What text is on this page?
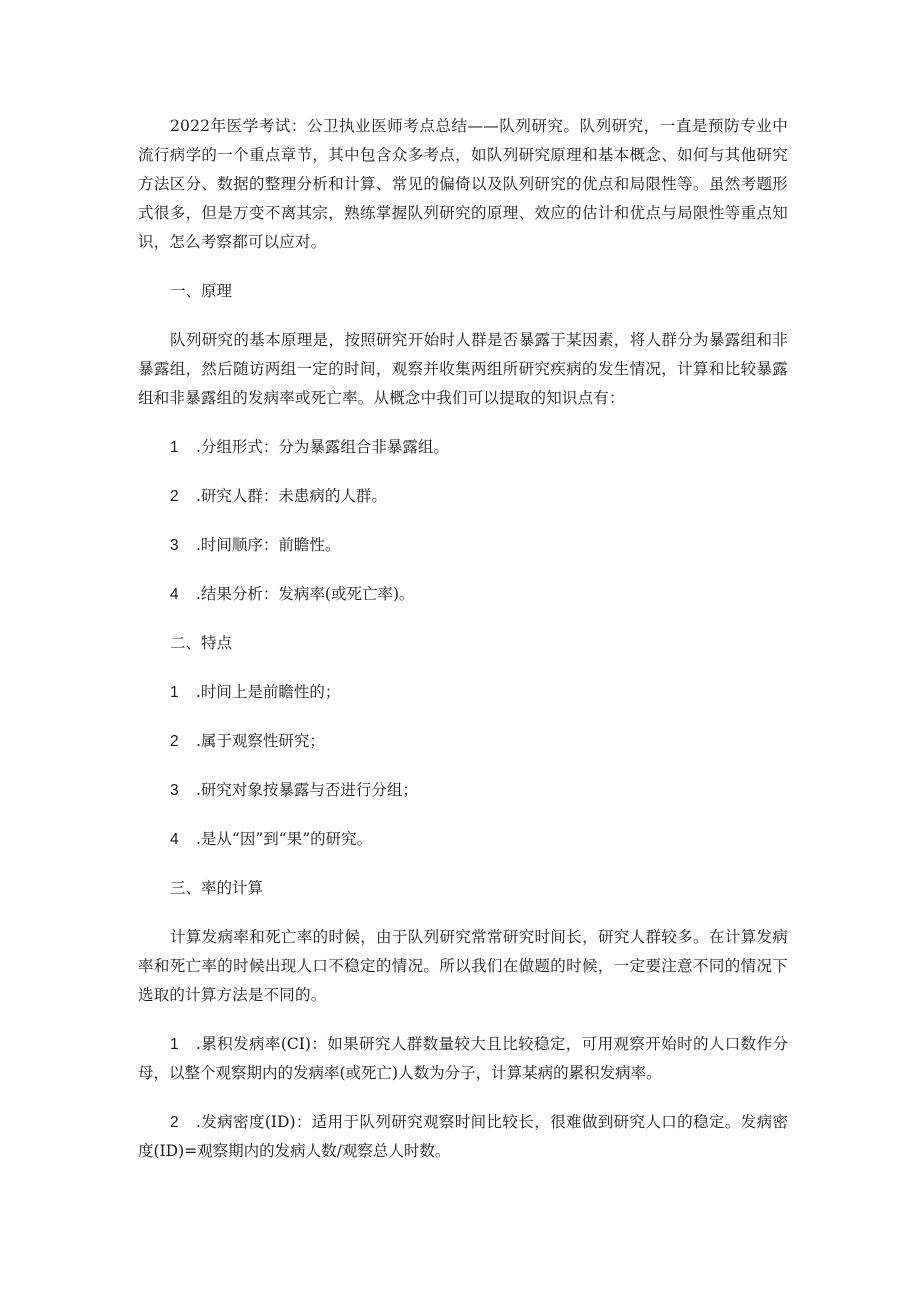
2022年医学考试：公卫执业医师考点总结——队列研究。队列研究，一直是预防专业中流行病学的一个重点章节，其中包含众多考点，如队列研究原理和基本概念、如何与其他研究方法区分、数据的整理分析和计算、常见的偏倚以及队列研究的优点和局限性等。虽然考题形式很多，但是万变不离其宗，熟练掌握队列研究的原理、效应的估计和优点与局限性等重点知识，怎么考察都可以应对。

一、原理

队列研究的基本原理是，按照研究开始时人群是否暴露于某因素，将人群分为暴露组和非暴露组，然后随访两组一定的时间，观察并收集两组所研究疾病的发生情况，计算和比较暴露组和非暴露组的发病率或死亡率。从概念中我们可以提取的知识点有：

1 .分组形式：分为暴露组合非暴露组。

2 .研究人群：未患病的人群。

3 .时间顺序：前瞻性。

4 .结果分析：发病率(或死亡率)。

二、特点

1 .时间上是前瞻性的；

2 .属于观察性研究；

3 .研究对象按暴露与否进行分组；

4 .是从“因”到“果”的研究。

三、率的计算

计算发病率和死亡率的时候，由于队列研究常常研究时间长，研究人群较多。在计算发病率和死亡率的时候出现人口不稳定的情况。所以我们在做题的时候，一定要注意不同的情况下选取的计算方法是不同的。

1 .累积发病率(CI)：如果研究人群数量较大且比较稳定，可用观察开始时的人口数作分母，以整个观察期内的发病率(或死亡)人数为分子，计算某病的累积发病率。

2 .发病密度(ID)：适用于队列研究观察时间比较长，很难做到研究人口的稳定。发病密度(ID)=观察期内的发病人数/观察总人时数。
